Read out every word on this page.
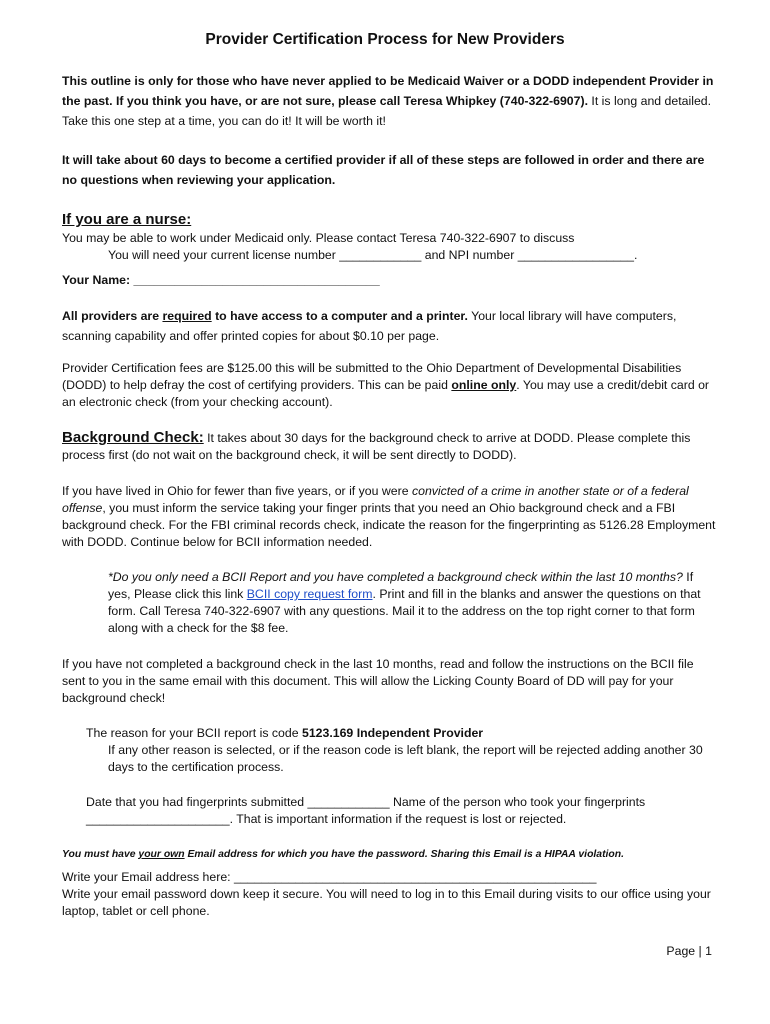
Provider Certification Process for New Providers

This outline is only for those who have never applied to be Medicaid Waiver or a DODD independent Provider in the past. If you think you have, or are not sure, please call Teresa Whipkey (740-322-6907). It is long and detailed. Take this one step at a time, you can do it! It will be worth it!

It will take about 60 days to become a certified provider if all of these steps are followed in order and there are no questions when reviewing your application.

If you are a nurse:

You may be able to work under Medicaid only. Please contact Teresa 740-322-6907 to discuss

You will need your current license number ____________ and NPI number _________________.

Your Name: ____________________________________

All providers are required to have access to a computer and a printer. Your local library will have computers, scanning capability and offer printed copies for about $0.10 per page.

Provider Certification fees are $125.00 this will be submitted to the Ohio Department of Developmental Disabilities (DODD) to help defray the cost of certifying providers. This can be paid online only. You may use a credit/debit card or an electronic check (from your checking account).

Background Check: It takes about 30 days for the background check to arrive at DODD. Please complete this process first (do not wait on the background check, it will be sent directly to DODD).

If you have lived in Ohio for fewer than five years, or if you were convicted of a crime in another state or of a federal offense, you must inform the service taking your finger prints that you need an Ohio background check and a FBI background check. For the FBI criminal records check, indicate the reason for the fingerprinting as 5126.28 Employment with DODD. Continue below for BCII information needed.

*Do you only need a BCII Report and you have completed a background check within the last 10 months? If yes, Please click this link BCII copy request form. Print and fill in the blanks and answer the questions on that form. Call Teresa 740-322-6907 with any questions. Mail it to the address on the top right corner to that form along with a check for the $8 fee.

If you have not completed a background check in the last 10 months, read and follow the instructions on the BCII file sent to you in the same email with this document. This will allow the Licking County Board of DD will pay for your background check!

The reason for your BCII report is code 5123.169 Independent Provider

If any other reason is selected, or if the reason code is left blank, the report will be rejected adding another 30 days to the certification process.

Date that you had fingerprints submitted ____________ Name of the person who took your fingerprints _____________________. That is important information if the request is lost or rejected.

You must have your own Email address for which you have the password. Sharing this Email is a HIPAA violation.

Write your Email address here: _____________________________________________________

Write your email password down keep it secure. You will need to log in to this Email during visits to our office using your laptop, tablet or cell phone.

Page | 1
